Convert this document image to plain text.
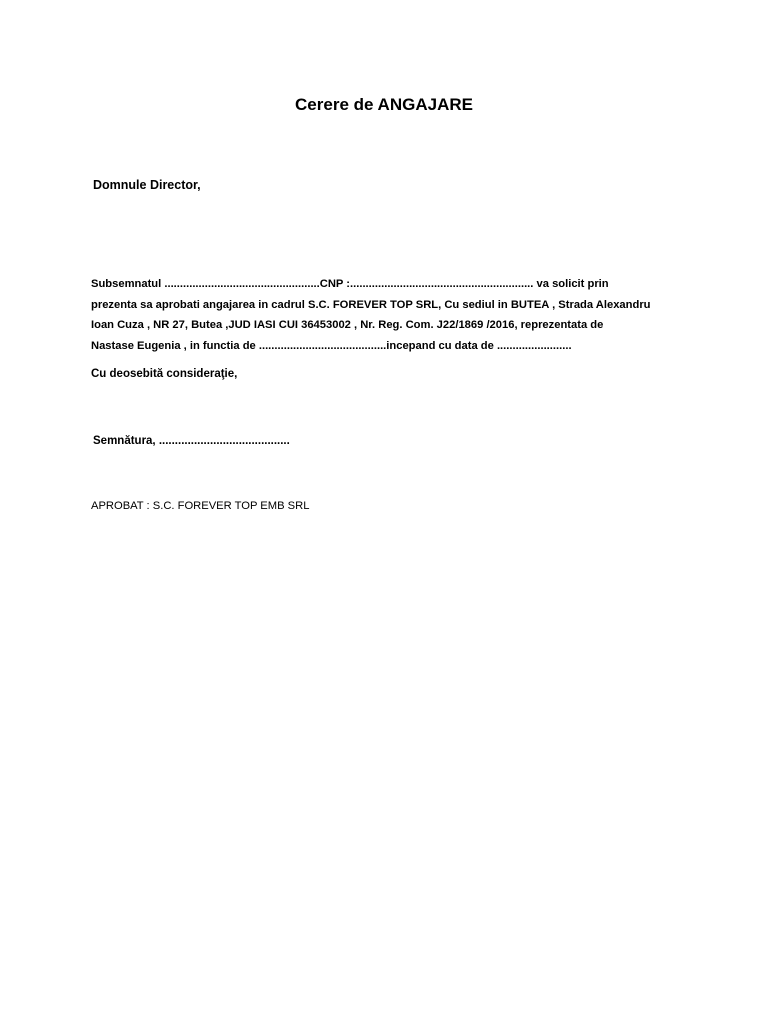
Cerere de ANGAJARE
Domnule Director,
Subsemnatul ..................................................CNP :........................................................... va solicit prin
prezenta sa aprobati angajarea in cadrul S.C. FOREVER TOP SRL, Cu sediul in BUTEA , Strada Alexandru
Ioan Cuza , NR 27, Butea ,JUD IASI CUI 36453002 , Nr. Reg. Com. J22/1869 /2016, reprezentata de
Nastase Eugenia , in functia de .........................................incepand cu data de ........................
Cu deosebită consideraţie,
Semnătura, .........................................
APROBAT : S.C. FOREVER TOP EMB SRL
